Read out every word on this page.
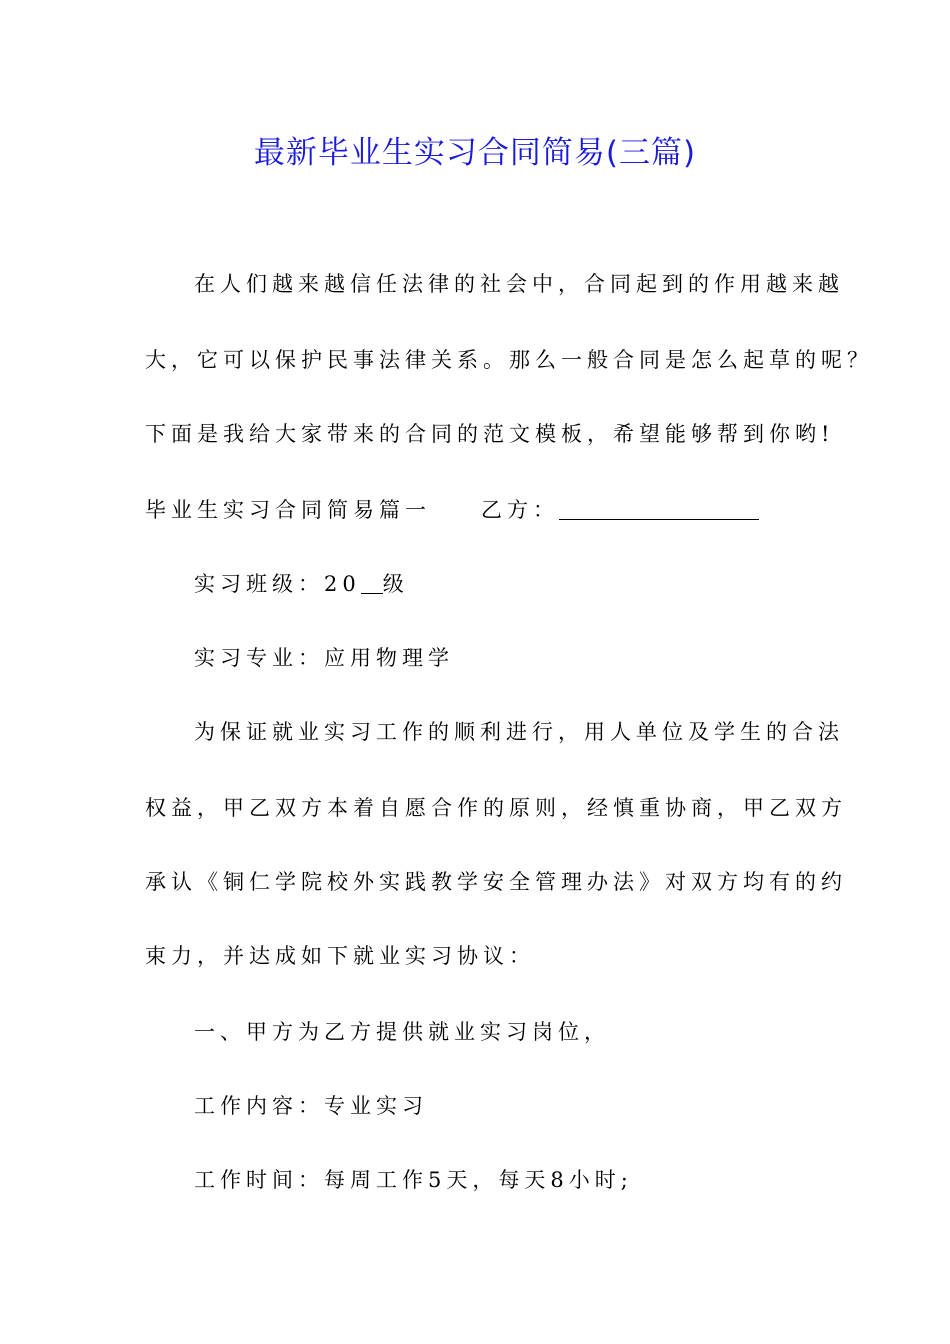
最新毕业生实习合同简易(三篇)
在人们越来越信任法律的社会中，合同起到的作用越来越
大，它可以保护民事法律关系。那么一般合同是怎么起草的呢？
下面是我给大家带来的合同的范文模板，希望能够帮到你哟!
毕业生实习合同简易篇一 乙方：
实习班级：20 级
实习专业：应用物理学
为保证就业实习工作的顺利进行，用人单位及学生的合法
权益，甲乙双方本着自愿合作的原则，经慎重协商，甲乙双方
承认《铜仁学院校外实践教学安全管理办法》对双方均有的约
束力，并达成如下就业实习协议：
一、甲方为乙方提供就业实习岗位，
工作内容：专业实习
工作时间：每周工作5天，每天8小时;
